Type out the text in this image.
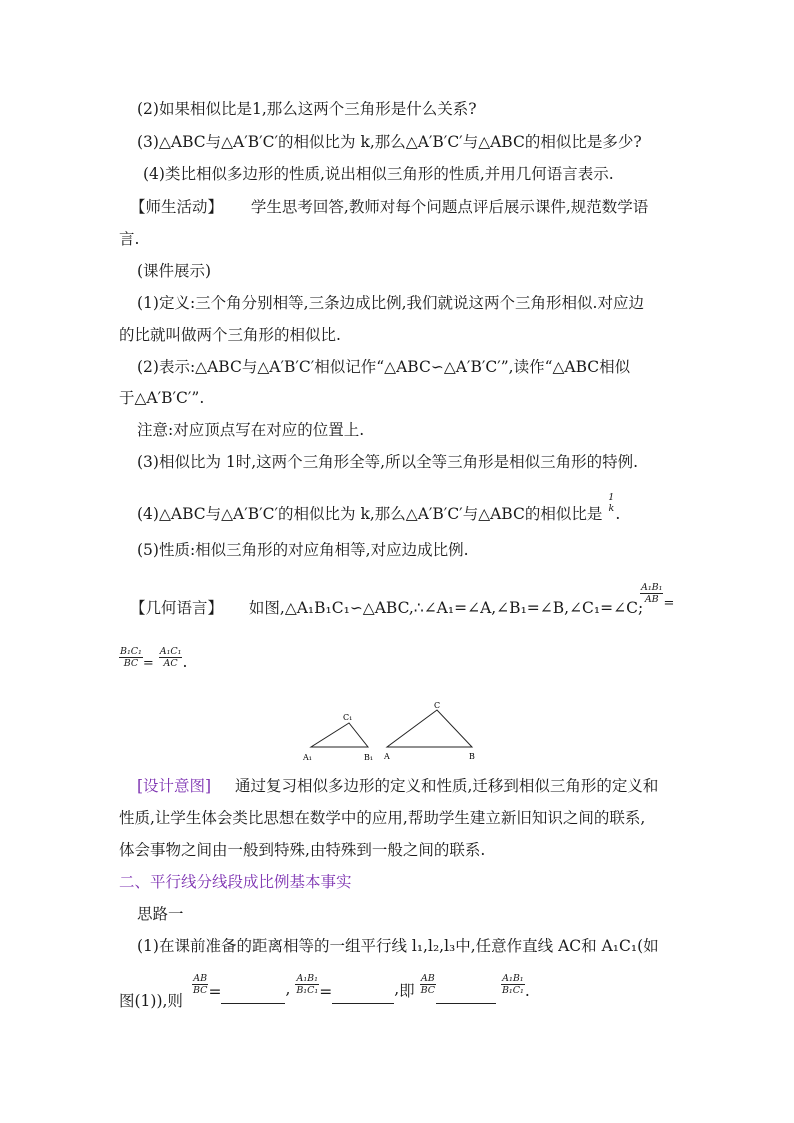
(2)如果相似比是1,那么这两个三角形是什么关系?
(3)△ABC与△A′B′C′的相似比为 k,那么△A′B′C′与△ABC的相似比是多少?
(4)类比相似多边形的性质,说出相似三角形的性质,并用几何语言表示.
【师生活动】 学生思考回答,教师对每个问题点评后展示课件,规范数学语
言.
(课件展示)
(1)定义:三个角分别相等,三条边成比例,我们就说这两个三角形相似.对应边
的比就叫做两个三角形的相似比.
(2)表示:△ABC与△A′B′C′相似记作“△ABC∽△A′B′C′”,读作“△ABC相似
于△A′B′C′”.
注意:对应顶点写在对应的位置上.
(3)相似比为 1时,这两个三角形全等,所以全等三角形是相似三角形的特例.
(4)△ABC与△A′B′C′的相似比为 k,那么△A′B′C′与△ABC的相似比是
1
k .
(5)性质:相似三角形的对应角相等,对应边成比例.
【几何语言】 如图,△A₁B₁C₁∽△ABC,∴∠A₁=∠A,∠B₁=∠B,∠C₁=∠C;
$\frac{\text{A₁B₁}}{AB} _=$
$\frac{\text{B₁C₁}}{BC} _= \frac{\text{A₁C₁}}{AC}$ .
C₁
A₁	B₁
C
A	B
[设计意图] 通过复习相似多边形的定义和性质,迁移到相似三角形的定义和
性质,让学生体会类比思想在数学中的应用,帮助学生建立新旧知识之间的联系,
体会事物之间由一般到特殊,由特殊到一般之间的联系.
二、平行线分线段成比例基本事实
思路一
(1)在课前准备的距离相等的一组平行线 l₁,l₂,l₃中,任意作直线 AC和 A₁C₁(如
图(1)),则
$\frac{AB}{BC}$ =	, $\frac{\text{A₁B₁}}{\text{B₁C₁}}$ =	,即 $\frac{AB}{BC}$
	$\frac{\text{A₁B₁}}{\text{B₁C₁}}$ .
